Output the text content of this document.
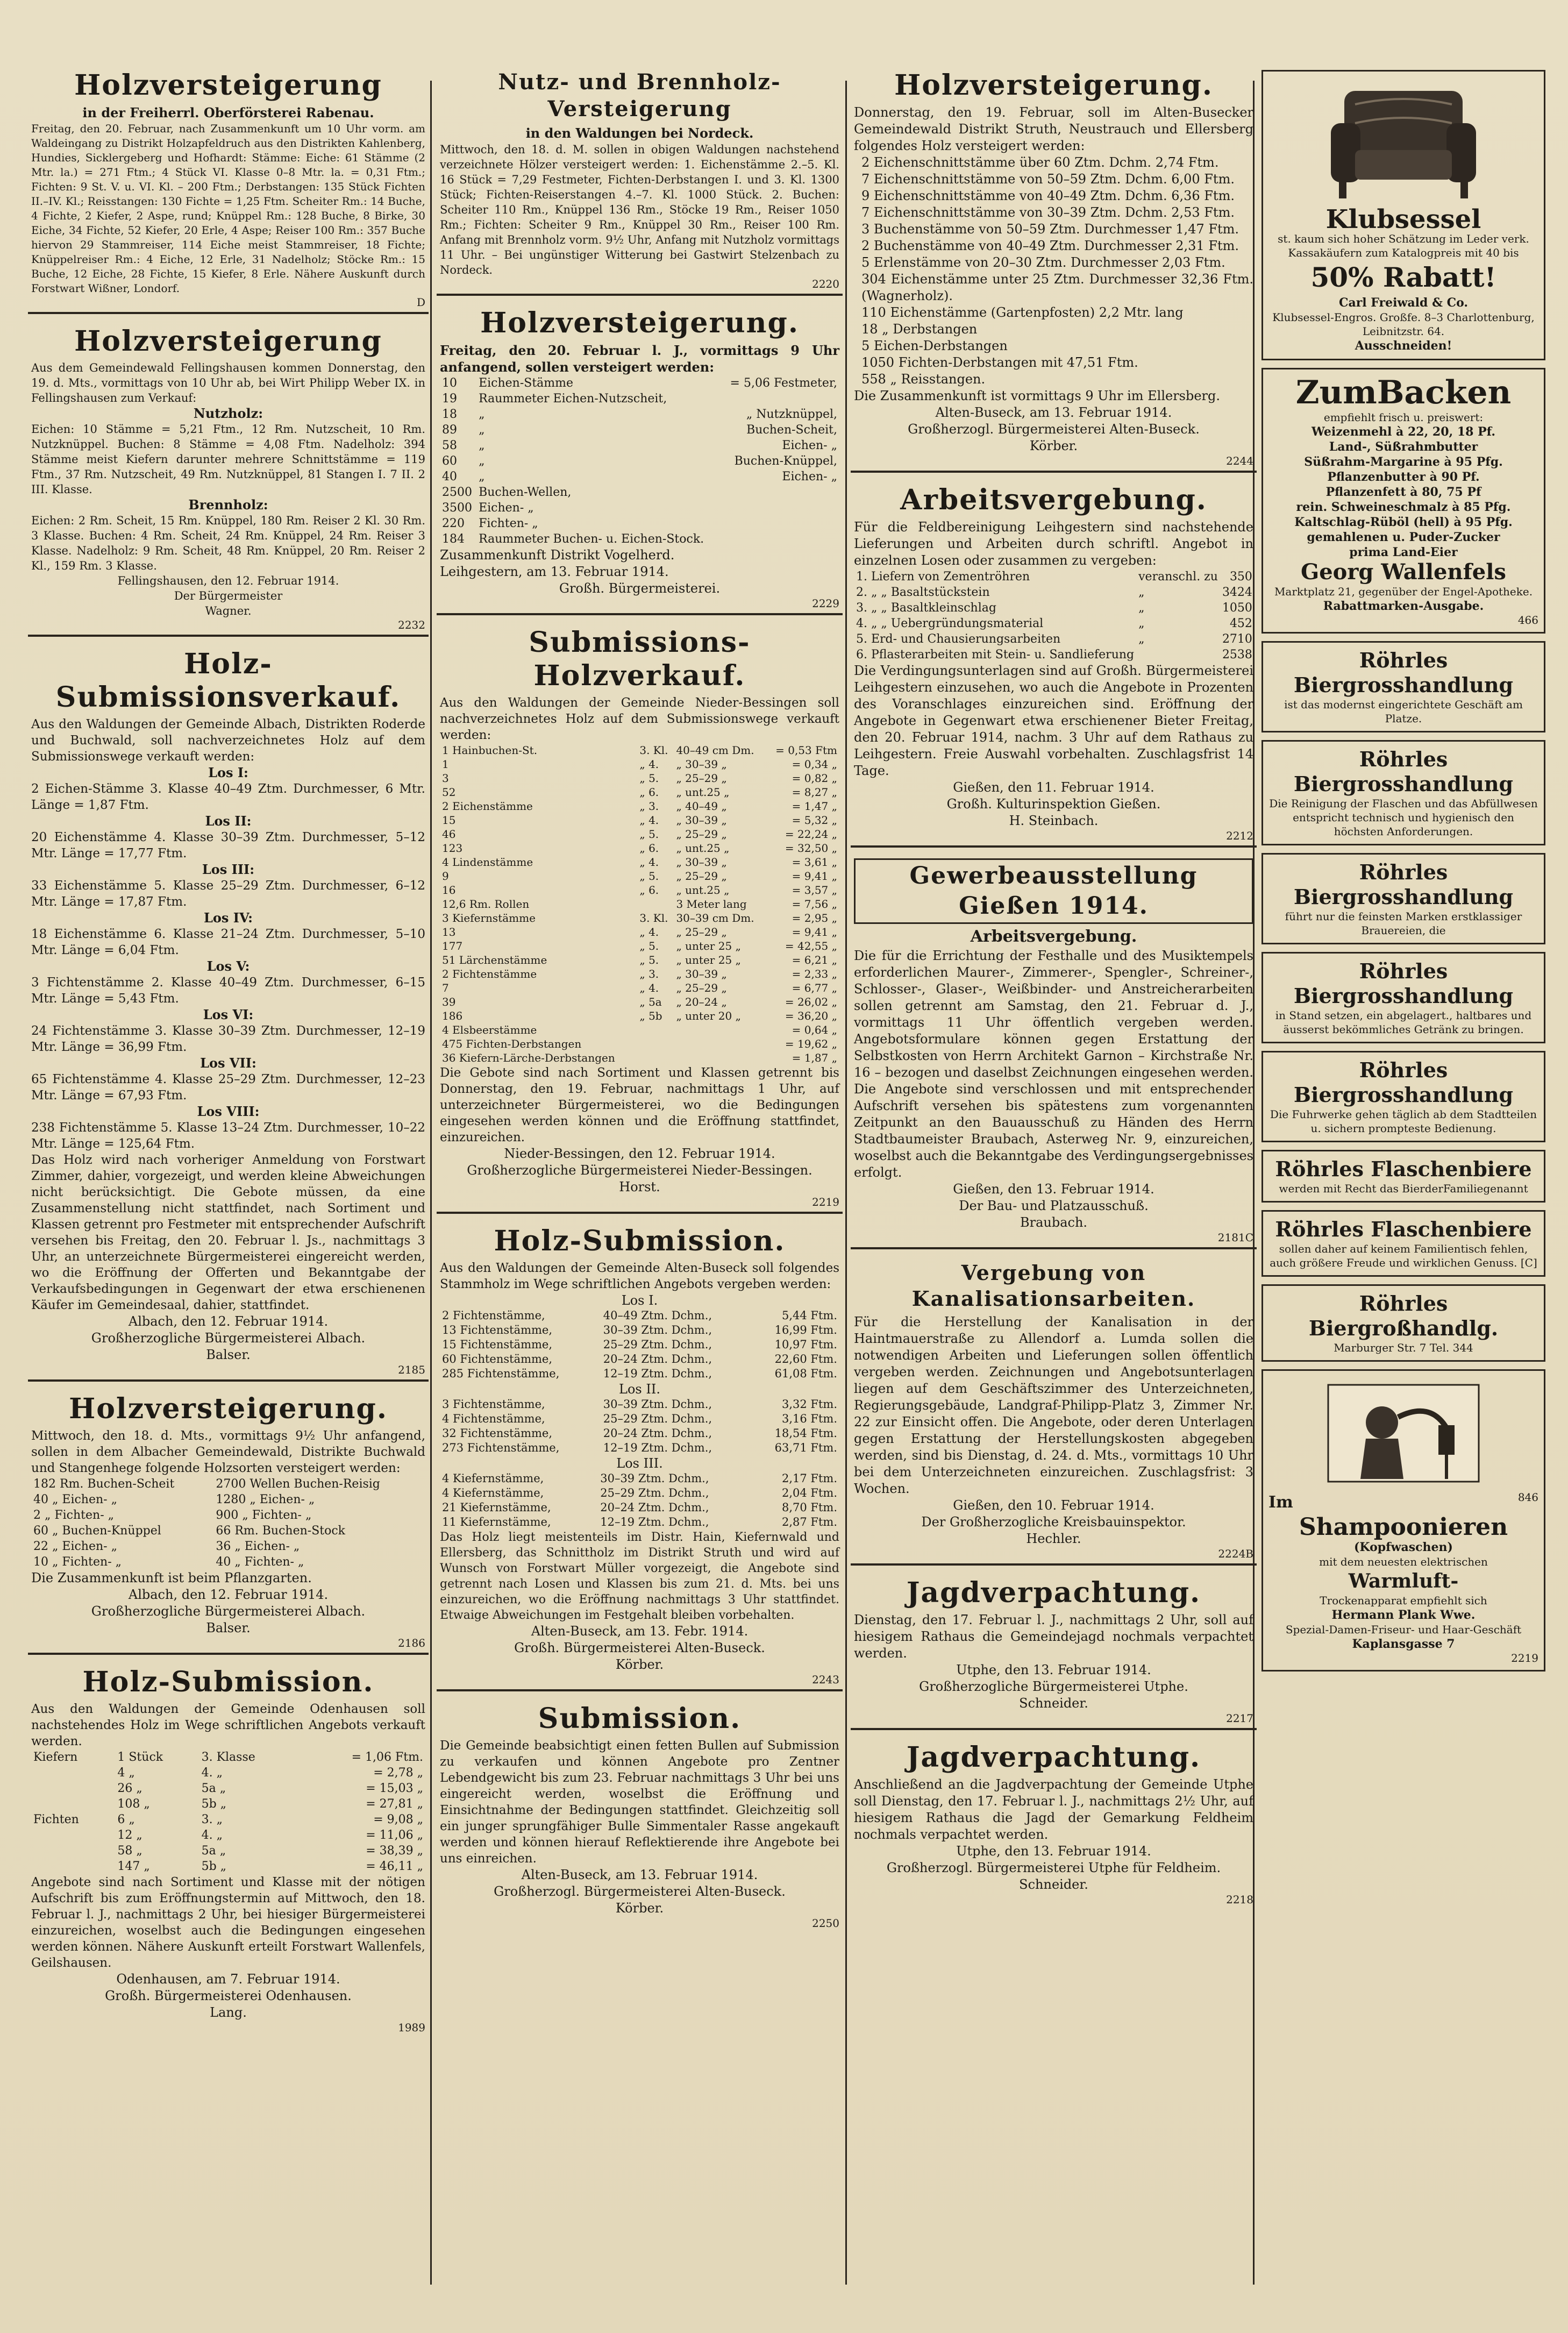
Holzversteigerung
in der Freiherrl. Oberförsterei Rabenau.

Freitag, den 20. Februar, nach Zusammenkunft um 10 Uhr vorm. am Waldeingang zu Distrikt Holzapfeldruch aus den Distrikten Kahlenberg, Hundies, Sicklergeberg und Hofhardt: Stämme: Eiche: 61 Stämme (2 Mtr. la.) = 271 Ftm.; 4 Stück VI. Klasse 0–8 Mtr. la. = 0,31 Ftm.; Fichten: 9 St. V. u. VI. Kl. – 200 Ftm.; Derbstangen: 135 Stück Fichten II.–IV. Kl.; Reisstangen: 130 Fichte = 1,25 Ftm. Scheiter Rm.: 14 Buche, 4 Fichte, 2 Kiefer, 2 Aspe, rund; Knüppel Rm.: 128 Buche, 8 Birke, 30 Eiche, 34 Fichte, 52 Kiefer, 20 Erle, 4 Aspe; Reiser 100 Rm.: 357 Buche hiervon 29 Stammreiser, 114 Eiche meist Stammreiser, 18 Fichte; Knüppelreiser Rm.: 4 Eiche, 12 Erle, 31 Nadelholz; Stöcke Rm.: 15 Buche, 12 Eiche, 28 Fichte, 15 Kiefer, 8 Erle. Nähere Auskunft durch Forstwart Wißner, Londorf.

D
Holzversteigerung

Aus dem Gemeindewald Fellingshausen kommen Donnerstag, den 19. d. Mts., vormittags von 10 Uhr ab, bei Wirt Philipp Weber IX. in Fellingshausen zum Verkauf:

Nutzholz:

Eichen: 10 Stämme = 5,21 Ftm., 12 Rm. Nutzscheit, 10 Rm. Nutzknüppel. Buchen: 8 Stämme = 4,08 Ftm. Nadelholz: 394 Stämme meist Kiefern darunter mehrere Schnittstämme = 119 Ftm., 37 Rm. Nutzscheit, 49 Rm. Nutzknüppel, 81 Stangen I. 7 II. 2 III. Klasse.

Brennholz:

Eichen: 2 Rm. Scheit, 15 Rm. Knüppel, 180 Rm. Reiser 2 Kl. 30 Rm. 3 Klasse. Buchen: 4 Rm. Scheit, 24 Rm. Knüppel, 24 Rm. Reiser 3 Klasse. Nadelholz: 9 Rm. Scheit, 48 Rm. Knüppel, 20 Rm. Reiser 2 Kl., 159 Rm. 3 Klasse.

Fellingshausen, den 12. Februar 1914.

Der Bürgermeister

Wagner.

2232
Holz-Submissionsverkauf.

Aus den Waldungen der Gemeinde Albach, Distrikten Roderde und Buchwald, soll nachverzeichnetes Holz auf dem Submissionswege verkauft werden:

Los I:

2 Eichen-Stämme 3. Klasse 40–49 Ztm. Durchmesser, 6 Mtr. Länge = 1,87 Ftm.

Los II:

20 Eichenstämme 4. Klasse 30–39 Ztm. Durchmesser, 5–12 Mtr. Länge = 17,77 Ftm.

Los III:

33 Eichenstämme 5. Klasse 25–29 Ztm. Durchmesser, 6–12 Mtr. Länge = 17,87 Ftm.

Los IV:

18 Eichenstämme 6. Klasse 21–24 Ztm. Durchmesser, 5–10 Mtr. Länge = 6,04 Ftm.

Los V:

3 Fichtenstämme 2. Klasse 40–49 Ztm. Durchmesser, 6–15 Mtr. Länge = 5,43 Ftm.

Los VI:

24 Fichtenstämme 3. Klasse 30–39 Ztm. Durchmesser, 12–19 Mtr. Länge = 36,99 Ftm.

Los VII:

65 Fichtenstämme 4. Klasse 25–29 Ztm. Durchmesser, 12–23 Mtr. Länge = 67,93 Ftm.

Los VIII:

238 Fichtenstämme 5. Klasse 13–24 Ztm. Durchmesser, 10–22 Mtr. Länge = 125,64 Ftm.

Das Holz wird nach vorheriger Anmeldung von Forstwart Zimmer, dahier, vorgezeigt, und werden kleine Abweichungen nicht berücksichtigt. Die Gebote müssen, da eine Zusammenstellung nicht stattfindet, nach Sortiment und Klassen getrennt pro Festmeter mit entsprechender Aufschrift versehen bis Freitag, den 20. Februar l. Js., nachmittags 3 Uhr, an unterzeichnete Bürgermeisterei eingereicht werden, wo die Eröffnung der Offerten und Bekanntgabe der Verkaufsbedingungen in Gegenwart der etwa erschienenen Käufer im Gemeindesaal, dahier, stattfindet.

Albach, den 12. Februar 1914.

Großherzogliche Bürgermeisterei Albach.

Balser.

2185
Holzversteigerung.

Mittwoch, den 18. d. Mts., vormittags 9½ Uhr anfangend, sollen in dem Albacher Gemeindewald, Distrikte Buchwald und Stangenhege folgende Holzsorten versteigert werden:

182 Rm. Buchen-Scheit	2700 Wellen Buchen-Reisig
40 „ Eichen- „	1280 „ Eichen- „
2 „ Fichten- „	900 „ Fichten- „
60 „ Buchen-Knüppel	66 Rm. Buchen-Stock
22 „ Eichen- „	36 „ Eichen- „
10 „ Fichten- „	40 „ Fichten- „

Die Zusammenkunft ist beim Pflanzgarten.

Albach, den 12. Februar 1914.

Großherzogliche Bürgermeisterei Albach.

Balser.

2186
Holz-Submission.

Aus den Waldungen der Gemeinde Odenhausen soll nachstehendes Holz im Wege schriftlichen Angebots verkauft werden.

Kiefern	1 Stück	3. Klasse	= 1,06 Ftm.
	4 „	4. „	= 2,78 „
	26 „	5a „	= 15,03 „
	108 „	5b „	= 27,81 „
Fichten	6 „	3. „	= 9,08 „
	12 „	4. „	= 11,06 „
	58 „	5a „	= 38,39 „
	147 „	5b „	= 46,11 „

Angebote sind nach Sortiment und Klasse mit der nötigen Aufschrift bis zum Eröffnungstermin auf Mittwoch, den 18. Februar l. J., nachmittags 2 Uhr, bei hiesiger Bürgermeisterei einzureichen, woselbst auch die Bedingungen eingesehen werden können. Nähere Auskunft erteilt Forstwart Wallenfels, Geilshausen.

Odenhausen, am 7. Februar 1914.

Großh. Bürgermeisterei Odenhausen.

Lang.

1989
Nutz- und Brennholz-Versteigerung
in den Waldungen bei Nordeck.

Mittwoch, den 18. d. M. sollen in obigen Waldungen nachstehend verzeichnete Hölzer versteigert werden: 1. Eichenstämme 2.–5. Kl. 16 Stück = 7,29 Festmeter, Fichten-Derbstangen I. und 3. Kl. 1300 Stück; Fichten-Reiserstangen 4.–7. Kl. 1000 Stück. 2. Buchen: Scheiter 110 Rm., Knüppel 136 Rm., Stöcke 19 Rm., Reiser 1050 Rm.; Fichten: Scheiter 9 Rm., Knüppel 30 Rm., Reiser 100 Rm. Anfang mit Brennholz vorm. 9½ Uhr, Anfang mit Nutzholz vormittags 11 Uhr. – Bei ungünstiger Witterung bei Gastwirt Stelzenbach zu Nordeck.

2220
Holzversteigerung.

Freitag, den 20. Februar l. J., vormittags 9 Uhr anfangend, sollen versteigert werden:

10	Eichen-Stämme	= 5,06 Festmeter,
19	Raummeter Eichen-Nutzscheit,	
18	„	„ Nutzknüppel,
89	„	Buchen-Scheit,
58	„	Eichen- „
60	„	Buchen-Knüppel,
40	„	Eichen- „
2500	Buchen-Wellen,	
3500	Eichen- „	
220	Fichten- „	
184	Raummeter Buchen- u. Eichen-Stock.	

Zusammenkunft Distrikt Vogelherd.

Leihgestern, am 13. Februar 1914.

Großh. Bürgermeisterei.

2229
Submissions-Holzverkauf.

Aus den Waldungen der Gemeinde Nieder-Bessingen soll nachverzeichnetes Holz auf dem Submissionswege verkauft werden:

1 Hainbuchen-St.	3. Kl.	40–49 cm Dm.	= 0,53 Ftm
1	„ 4.	„ 30–39 „	= 0,34 „
3	„ 5.	„ 25–29 „	= 0,82 „
52	„ 6.	„ unt.25 „	= 8,27 „
2 Eichenstämme	„ 3.	„ 40–49 „	= 1,47 „
15	„ 4.	„ 30–39 „	= 5,32 „
46	„ 5.	„ 25–29 „	= 22,24 „
123	„ 6.	„ unt.25 „	= 32,50 „
4 Lindenstämme	„ 4.	„ 30–39 „	= 3,61 „
9	„ 5.	„ 25–29 „	= 9,41 „
16	„ 6.	„ unt.25 „	= 3,57 „
12,6 Rm. Rollen		3 Meter lang	= 7,56 „
3 Kiefernstämme	3. Kl.	30–39 cm Dm.	= 2,95 „
13	„ 4.	„ 25–29 „	= 9,41 „
177	„ 5.	„ unter 25 „	= 42,55 „
51 Lärchenstämme	„ 5.	„ unter 25 „	= 6,21 „
2 Fichtenstämme	„ 3.	„ 30–39 „	= 2,33 „
7	„ 4.	„ 25–29 „	= 6,77 „
39	„ 5a	„ 20–24 „	= 26,02 „
186	„ 5b	„ unter 20 „	= 36,20 „
4 Elsbeerstämme			= 0,64 „
475 Fichten-Derbstangen			= 19,62 „
36 Kiefern-Lärche-Derbstangen			= 1,87 „

Die Gebote sind nach Sortiment und Klassen getrennt bis Donnerstag, den 19. Februar, nachmittags 1 Uhr, auf unterzeichneter Bürgermeisterei, wo die Bedingungen eingesehen werden können und die Eröffnung stattfindet, einzureichen.

Nieder-Bessingen, den 12. Februar 1914.

Großherzogliche Bürgermeisterei Nieder-Bessingen.

Horst.

2219
Holz-Submission.

Aus den Waldungen der Gemeinde Alten-Buseck soll folgendes Stammholz im Wege schriftlichen Angebots vergeben werden:

Los I.
2 Fichtenstämme,	40–49 Ztm. Dchm.,	5,44 Ftm.
13 Fichtenstämme,	30–39 Ztm. Dchm.,	16,99 Ftm.
15 Fichtenstämme,	25–29 Ztm. Dchm.,	10,97 Ftm.
60 Fichtenstämme,	20–24 Ztm. Dchm.,	22,60 Ftm.
285 Fichtenstämme,	12–19 Ztm. Dchm.,	61,08 Ftm.
Los II.
3 Fichtenstämme,	30–39 Ztm. Dchm.,	3,32 Ftm.
4 Fichtenstämme,	25–29 Ztm. Dchm.,	3,16 Ftm.
32 Fichtenstämme,	20–24 Ztm. Dchm.,	18,54 Ftm.
273 Fichtenstämme,	12–19 Ztm. Dchm.,	63,71 Ftm.
Los III.
4 Kiefernstämme,	30–39 Ztm. Dchm.,	2,17 Ftm.
4 Kiefernstämme,	25–29 Ztm. Dchm.,	2,04 Ftm.
21 Kiefernstämme,	20–24 Ztm. Dchm.,	8,70 Ftm.
11 Kiefernstämme,	12–19 Ztm. Dchm.,	2,87 Ftm.

Das Holz liegt meistenteils im Distr. Hain, Kiefernwald und Ellersberg, das Schnittholz im Distrikt Struth und wird auf Wunsch von Forstwart Müller vorgezeigt, die Angebote sind getrennt nach Losen und Klassen bis zum 21. d. Mts. bei uns einzureichen, wo die Eröffnung nachmittags 3 Uhr stattfindet. Etwaige Abweichungen im Festgehalt bleiben vorbehalten.

Alten-Buseck, am 13. Febr. 1914.

Großh. Bürgermeisterei Alten-Buseck.

Körber.

2243
Submission.

Die Gemeinde beabsichtigt einen fetten Bullen auf Submission zu verkaufen und können Angebote pro Zentner Lebendgewicht bis zum 23. Februar nachmittags 3 Uhr bei uns eingereicht werden, woselbst die Eröffnung und Einsichtnahme der Bedingungen stattfindet. Gleichzeitig soll ein junger sprungfähiger Bulle Simmentaler Rasse angekauft werden und können hierauf Reflektierende ihre Angebote bei uns einreichen.

Alten-Buseck, am 13. Februar 1914.

Großherzogl. Bürgermeisterei Alten-Buseck.

Körber.

2250
Holzversteigerung.

Donnerstag, den 19. Februar, soll im Alten-Busecker Gemeindewald Distrikt Struth, Neustrauch und Ellersberg folgendes Holz versteigert werden:

2 Eichenschnittstämme über 60 Ztm. Dchm. 2,74 Ftm.

7 Eichenschnittstämme von 50–59 Ztm. Dchm. 6,00 Ftm.

9 Eichenschnittstämme von 40–49 Ztm. Dchm. 6,36 Ftm.

7 Eichenschnittstämme von 30–39 Ztm. Dchm. 2,53 Ftm.

3 Buchenstämme von 50–59 Ztm. Durchmesser 1,47 Ftm.

2 Buchenstämme von 40–49 Ztm. Durchmesser 2,31 Ftm.

5 Erlenstämme von 20–30 Ztm. Durchmesser 2,03 Ftm.

304 Eichenstämme unter 25 Ztm. Durchmesser 32,36 Ftm. (Wagnerholz).

110 Eichenstämme (Gartenpfosten) 2,2 Mtr. lang

18 „ Derbstangen

5 Eichen-Derbstangen

1050 Fichten-Derbstangen mit 47,51 Ftm.

558 „ Reisstangen.

Die Zusammenkunft ist vormittags 9 Uhr im Ellersberg.

Alten-Buseck, am 13. Februar 1914.

Großherzogl. Bürgermeisterei Alten-Buseck.

Körber.

2244
Arbeitsvergebung.

Für die Feldbereinigung Leihgestern sind nachstehende Lieferungen und Arbeiten durch schriftl. Angebot in einzelnen Losen oder zusammen zu vergeben:

1. Liefern von Zementröhren	veranschl. zu	350
2. „ „ Basaltstückstein	„	3424
3. „ „ Basaltkleinschlag	„	1050
4. „ „ Uebergründungsmaterial	„	452
5. Erd- und Chausierungsarbeiten	„	2710
6. Pflasterarbeiten mit Stein- u. Sandlieferung		2538

Die Verdingungsunterlagen sind auf Großh. Bürgermeisterei Leihgestern einzusehen, wo auch die Angebote in Prozenten des Voranschlages einzureichen sind. Eröffnung der Angebote in Gegenwart etwa erschienener Bieter Freitag, den 20. Februar 1914, nachm. 3 Uhr auf dem Rathaus zu Leihgestern. Freie Auswahl vorbehalten. Zuschlagsfrist 14 Tage.

Gießen, den 11. Februar 1914.

Großh. Kulturinspektion Gießen.

H. Steinbach.

2212
Gewerbeausstellung Gießen 1914.
Arbeitsvergebung.

Die für die Errichtung der Festhalle und des Musiktempels erforderlichen Maurer-, Zimmerer-, Spengler-, Schreiner-, Schlosser-, Glaser-, Weißbinder- und Anstreicherarbeiten sollen getrennt am Samstag, den 21. Februar d. J., vormittags 11 Uhr öffentlich vergeben werden. Angebotsformulare können gegen Erstattung der Selbstkosten von Herrn Architekt Garnon – Kirchstraße Nr. 16 – bezogen und daselbst Zeichnungen eingesehen werden. Die Angebote sind verschlossen und mit entsprechender Aufschrift versehen bis spätestens zum vorgenannten Zeitpunkt an den Bauausschuß zu Händen des Herrn Stadtbaumeister Braubach, Asterweg Nr. 9, einzureichen, woselbst auch die Bekanntgabe des Verdingungsergebnisses erfolgt.

Gießen, den 13. Februar 1914.

Der Bau- und Platzausschuß.

Braubach.

2181C
Vergebung von Kanalisationsarbeiten.

Für die Herstellung der Kanalisation in der Haintmauerstraße zu Allendorf a. Lumda sollen die notwendigen Arbeiten und Lieferungen sollen öffentlich vergeben werden. Zeichnungen und Angebotsunterlagen liegen auf dem Geschäftszimmer des Unterzeichneten, Regierungsgebäude, Landgraf-Philipp-Platz 3, Zimmer Nr. 22 zur Einsicht offen. Die Angebote, oder deren Unterlagen gegen Erstattung der Herstellungskosten abgegeben werden, sind bis Dienstag, d. 24. d. Mts., vormittags 10 Uhr bei dem Unterzeichneten einzureichen. Zuschlagsfrist: 3 Wochen.

Gießen, den 10. Februar 1914.

Der Großherzogliche Kreisbauinspektor.

Hechler.

2224B
Jagdverpachtung.

Dienstag, den 17. Februar l. J., nachmittags 2 Uhr, soll auf hiesigem Rathaus die Gemeindejagd nochmals verpachtet werden.

Utphe, den 13. Februar 1914.

Großherzogliche Bürgermeisterei Utphe.

Schneider.

2217
Jagdverpachtung.

Anschließend an die Jagdverpachtung der Gemeinde Utphe soll Dienstag, den 17. Februar l. J., nachmittags 2½ Uhr, auf hiesigem Rathaus die Jagd der Gemarkung Feldheim nochmals verpachtet werden.

Utphe, den 13. Februar 1914.

Großherzogl. Bürgermeisterei Utphe für Feldheim.

Schneider.

2218
Klubsessel
st. kaum sich hoher Schätzung im Leder verk. Kassakäufern zum Katalogpreis mit 40 bis
50% Rabatt!
Carl Freiwald & Co.
Klubsessel-Engros. Großfe. 8–3 Charlottenburg, Leibnitzstr. 64.
Ausschneiden!
ZumBacken
empfiehlt frisch u. preiswert:
Weizenmehl à 22, 20, 18 Pf.
Land-, Süßrahmbutter
Süßrahm-Margarine à 95 Pfg.
Pflanzenbutter à 90 Pf.
Pflanzenfett à 80, 75 Pf
rein. Schweineschmalz à 85 Pfg.
Kaltschlag-Rüböl (hell) à 95 Pfg.
gemahlenen u. Puder-Zucker
prima Land-Eier
Georg Wallenfels
Marktplatz 21, gegenüber der Engel-Apotheke.
Rabattmarken-Ausgabe.
466
Röhrles Biergrosshandlung
ist das modernst eingerichtete Geschäft am Platze.
Röhrles Biergrosshandlung
Die Reinigung der Flaschen und das Abfüllwesen entspricht technisch und hygienisch den höchsten Anforderungen.
Röhrles Biergrosshandlung
führt nur die feinsten Marken erstklassiger Brauereien, die
Röhrles Biergrosshandlung
in Stand setzen, ein abgelagert., haltbares und äusserst bekömmliches Getränk zu bringen.
Röhrles Biergrosshandlung
Die Fuhrwerke gehen täglich ab dem Stadtteilen u. sichern prompteste Bedienung.
Röhrles Flaschenbiere
werden mit Recht das BierderFamiliegenannt
Röhrles Flaschenbiere
sollen daher auf keinem Familientisch fehlen, auch größere Freude und wirklichen Genuss. [C]
Röhrles Biergroßhandlg.
Marburger Str. 7 Tel. 344
Im	846
Shampoonieren
(Kopfwaschen)
mit dem neuesten elektrischen
Warmluft-
Trockenapparat empfiehlt sich
Hermann Plank Wwe.
Spezial-Damen-Friseur- und Haar-Geschäft
Kaplansgasse 7
2219
